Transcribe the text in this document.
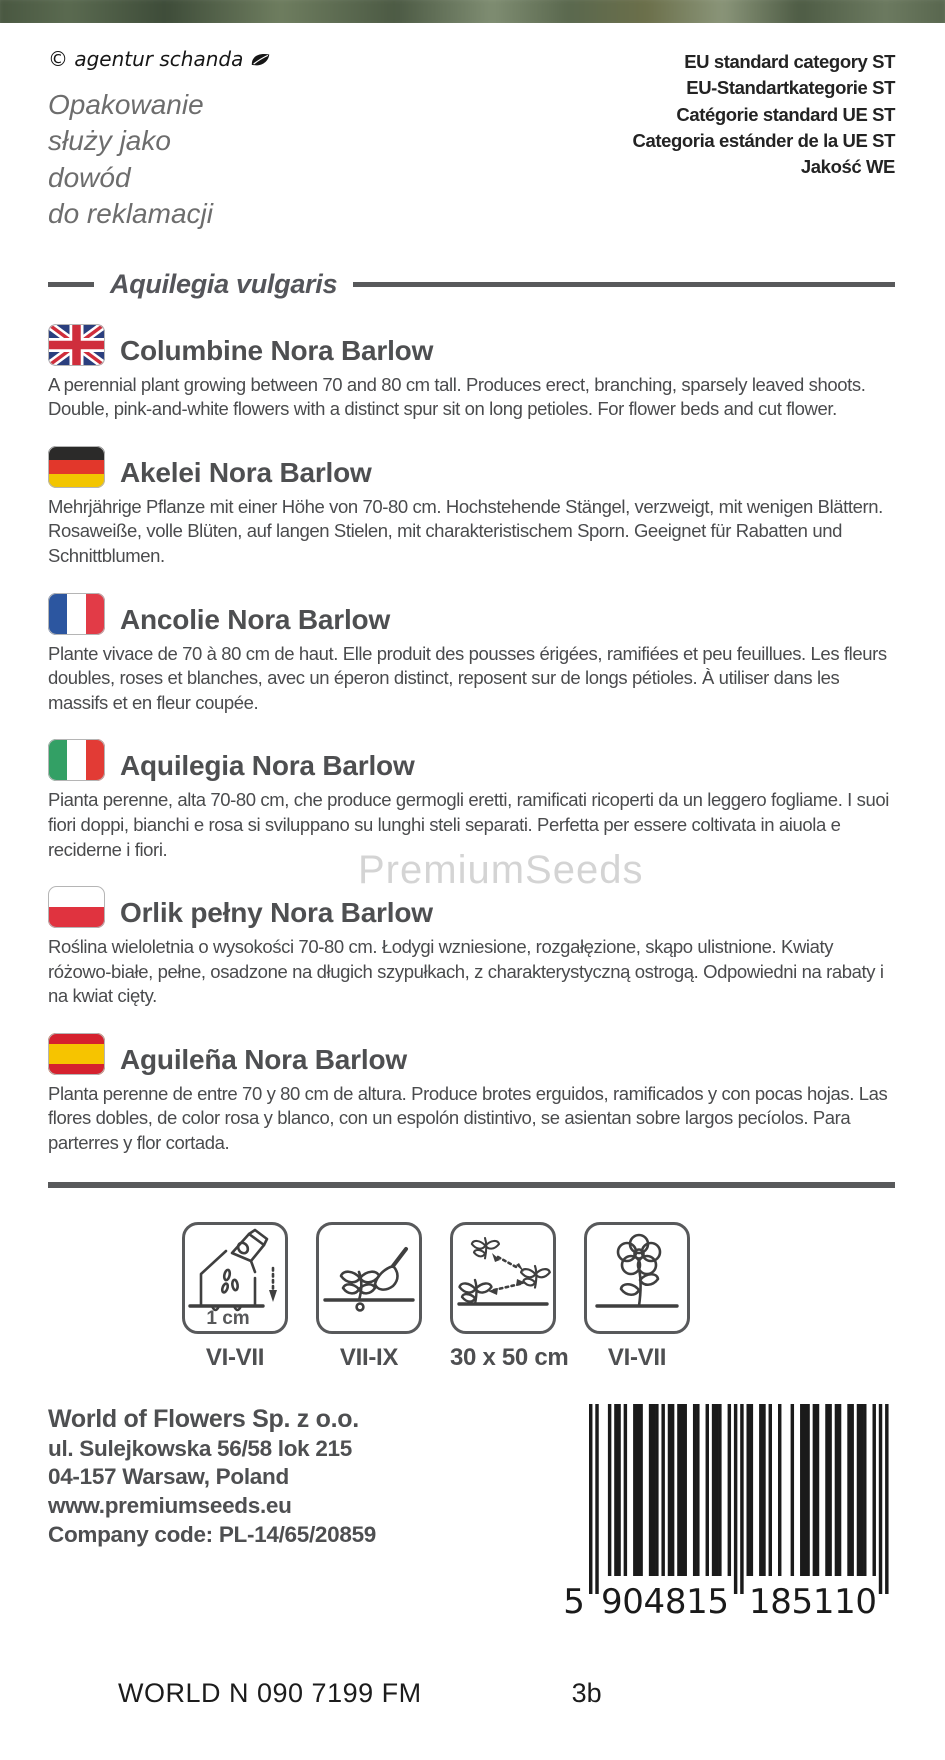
© agentur schanda
Opakowanie
służy jako
dowód
do reklamacji
EU standard category ST
EU-Standartkategorie ST
Catégorie standard UE ST
Categoria estánder de la UE ST
Jakość WE
Aquilegia vulgaris
Columbine Nora Barlow
A perennial plant growing between 70 and 80 cm tall. Produces erect, branching, sparsely leaved shoots. Double, pink-and-white flowers with a distinct spur sit on long petioles. For flower beds and cut flower.
Akelei Nora Barlow
Mehrjährige Pflanze mit einer Höhe von 70-80 cm. Hochstehende Stängel, verzweigt, mit wenigen Blättern. Rosaweiße, volle Blüten, auf langen Stielen, mit charakteristischem Sporn. Geeignet für Rabatten und Schnittblumen.
Ancolie Nora Barlow
Plante vivace de 70 à 80 cm de haut. Elle produit des pousses érigées, ramifiées et peu feuillues. Les fleurs doubles, roses et blanches, avec un éperon distinct, reposent sur de longs pétioles. À utiliser dans les massifs et en fleur coupée.
Aquilegia Nora Barlow
Pianta perenne, alta 70-80 cm, che produce germogli eretti, ramificati ricoperti da un leggero fogliame. I suoi fiori doppi, bianchi e rosa si sviluppano su lunghi steli separati. Perfetta per essere coltivata in aiuola e reciderne i fiori.
Orlik pełny Nora Barlow
Roślina wieloletnia o wysokości 70-80 cm. Łodygi wzniesione, rozgałęzione, skąpo ulistnione. Kwiaty różowo-białe, pełne, osadzone na długich szypułkach, z charakterystyczną ostrogą. Odpowiedni na rabaty i na kwiat cięty.
Aguileña Nora Barlow
Planta perenne de entre 70 y 80 cm de altura. Produce brotes erguidos, ramificados y con pocas hojas. Las flores dobles, de color rosa y blanco, con un espolón distintivo, se asientan sobre largos pecíolos. Para parterres y flor cortada.
1 cm
VI-VII	VII-IX	30 x 50 cm	VI-VII
World of Flowers Sp. z o.o.
ul. Sulejkowska 56/58 lok 215
04-157 Warsaw, Poland
www.premiumseeds.eu
Company code: PL-14/65/20859
5 904815 185110
PremiumSeeds
WORLD N 090 7199 FM	3b
